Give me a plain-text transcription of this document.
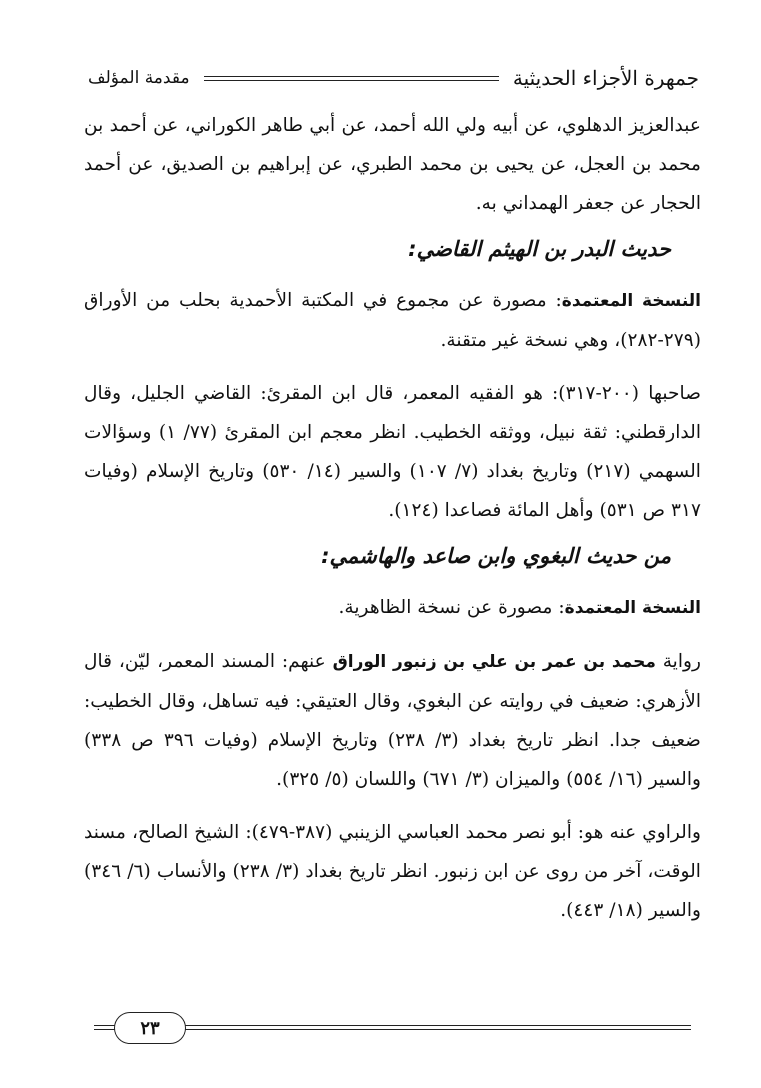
جمهرة الأجزاء الحديثية
مقدمة المؤلف

عبدالعزيز الدهلوي، عن أبيه ولي الله أحمد، عن أبي طاهر الكوراني، عن أحمد بن محمد بن العجل، عن يحيى بن محمد الطبري، عن إبراهيم بن الصديق، عن أحمد الحجار عن جعفر الهمداني به.

حديث البدر بن الهيثم القاضي:

النسخة المعتمدة: مصورة عن مجموع في المكتبة الأحمدية بحلب من الأوراق (٢٧٩-٢٨٢)، وهي نسخة غير متقنة.

صاحبها (٢٠٠-٣١٧): هو الفقيه المعمر، قال ابن المقرئ: القاضي الجليل، وقال الدارقطني: ثقة نبيل، ووثقه الخطيب. انظر معجم ابن المقرئ (٧٧/ ١) وسؤالات السهمي (٢١٧) وتاريخ بغداد (٧/ ١٠٧) والسير (١٤/ ٥٣٠) وتاريخ الإسلام (وفيات ٣١٧ ص ٥٣١) وأهل المائة فصاعدا (١٢٤).

من حديث البغوي وابن صاعد والهاشمي:

النسخة المعتمدة: مصورة عن نسخة الظاهرية.

رواية محمد بن عمر بن علي بن زنبور الوراق عنهم: المسند المعمر، ليّن، قال الأزهري: ضعيف في روايته عن البغوي، وقال العتيقي: فيه تساهل، وقال الخطيب: ضعيف جدا. انظر تاريخ بغداد (٣/ ٢٣٨) وتاريخ الإسلام (وفيات ٣٩٦ ص ٣٣٨) والسير (١٦/ ٥٥٤) والميزان (٣/ ٦٧١) واللسان (٥/ ٣٢٥).

والراوي عنه هو: أبو نصر محمد العباسي الزينبي (٣٨٧-٤٧٩): الشيخ الصالح، مسند الوقت، آخر من روى عن ابن زنبور. انظر تاريخ بغداد (٣/ ٢٣٨) والأنساب (٦/ ٣٤٦) والسير (١٨/ ٤٤٣).

٢٣
